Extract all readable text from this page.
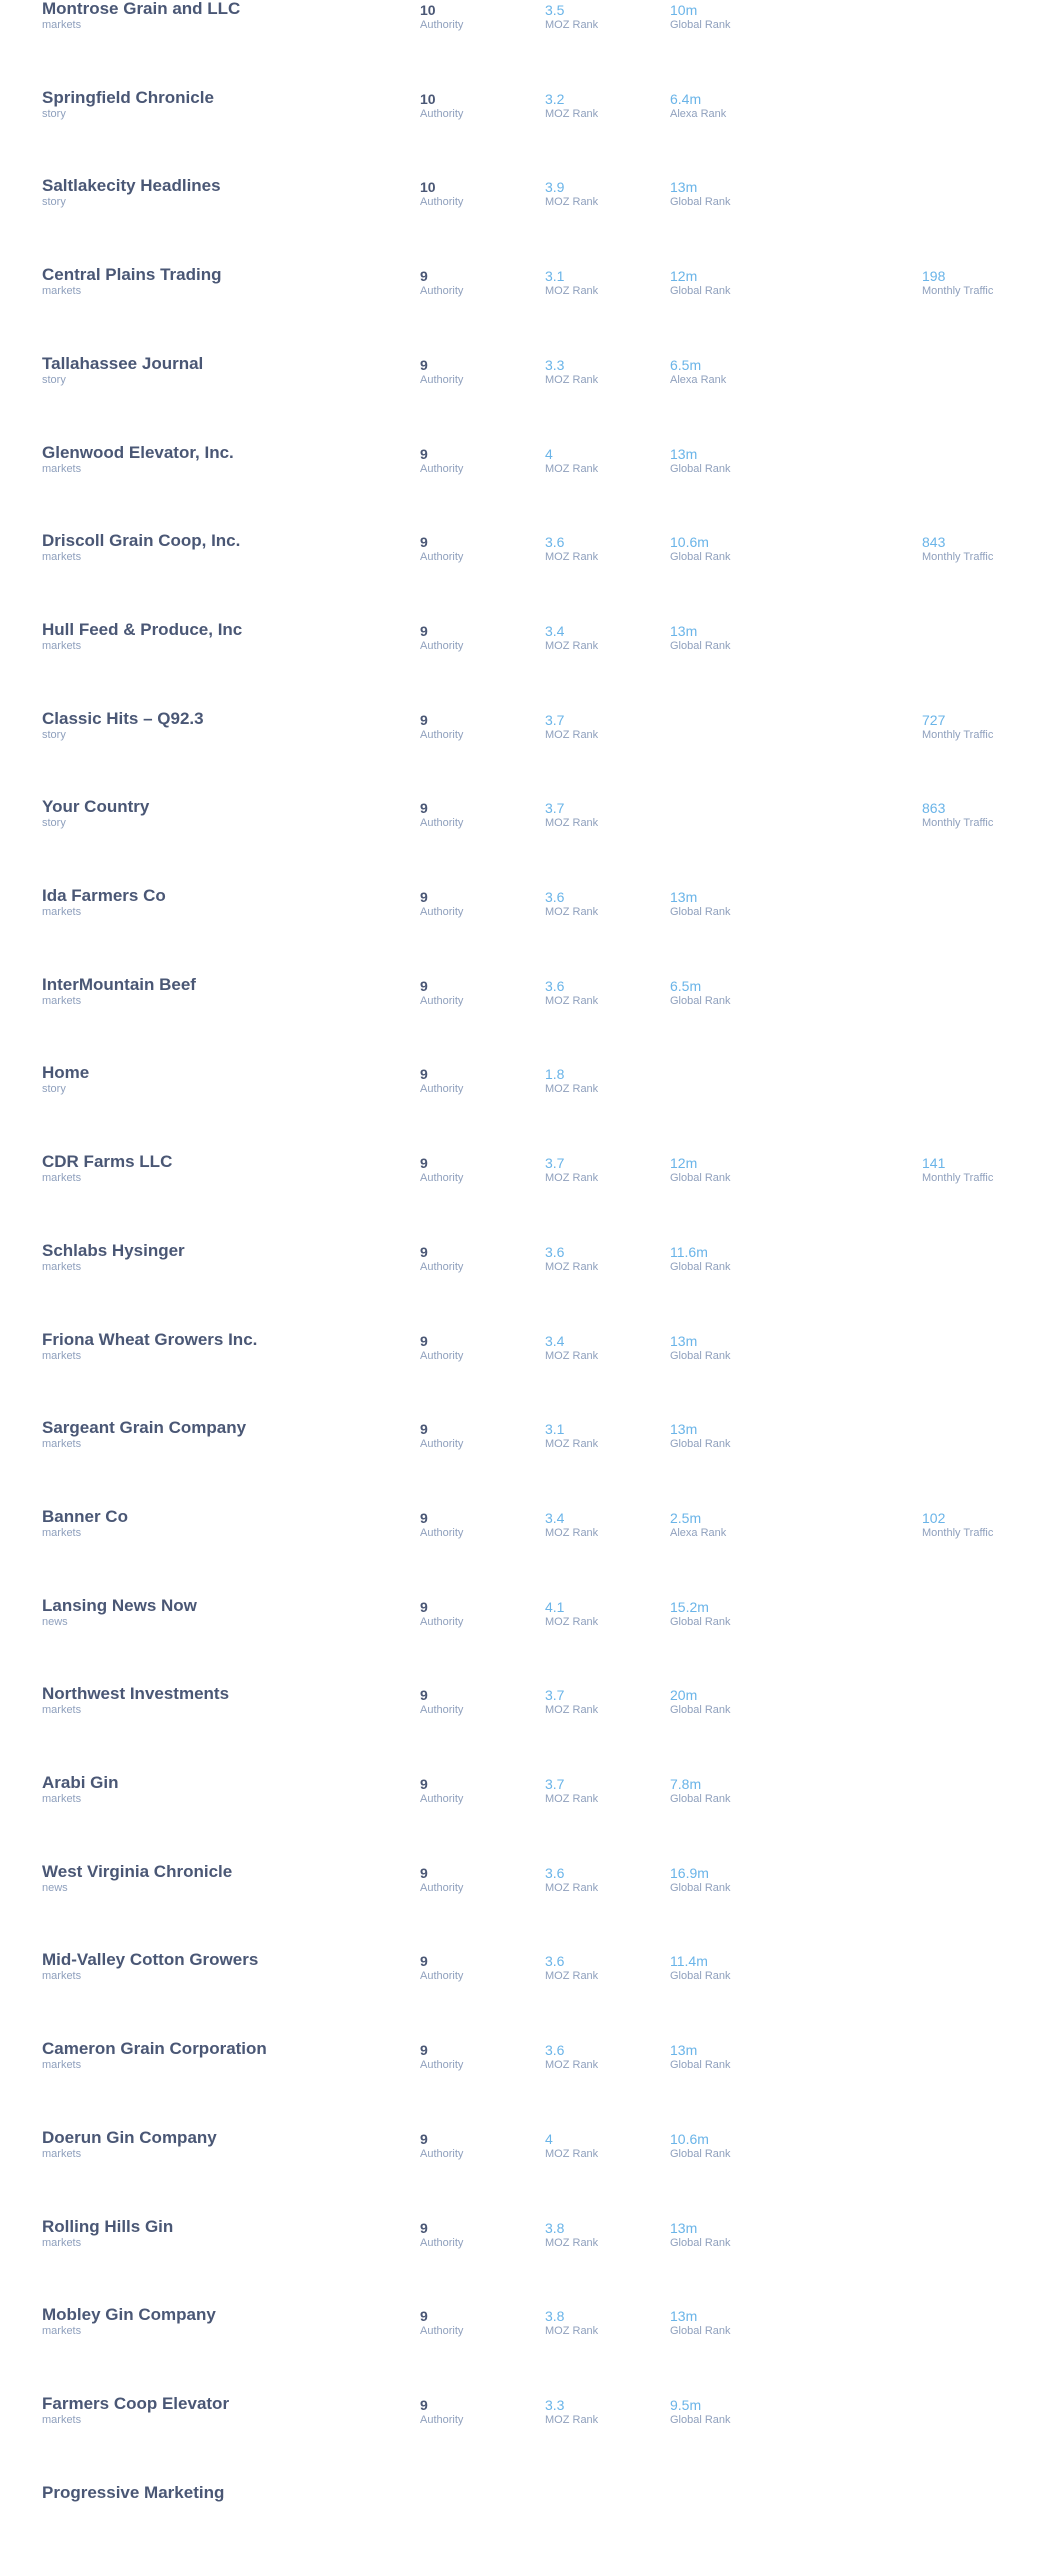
Montrose Grain and LLC
markets
10
Authority
3.5
MOZ Rank
10m
Global Rank
Springfield Chronicle
story
10
Authority
3.2
MOZ Rank
6.4m
Alexa Rank
Saltlakecity Headlines
story
10
Authority
3.9
MOZ Rank
13m
Global Rank
Central Plains Trading
markets
9
Authority
3.1
MOZ Rank
12m
Global Rank
198
Monthly Traffic
Tallahassee Journal
story
9
Authority
3.3
MOZ Rank
6.5m
Alexa Rank
Glenwood Elevator, Inc.
markets
9
Authority
4
MOZ Rank
13m
Global Rank
Driscoll Grain Coop, Inc.
markets
9
Authority
3.6
MOZ Rank
10.6m
Global Rank
843
Monthly Traffic
Hull Feed & Produce, Inc
markets
9
Authority
3.4
MOZ Rank
13m
Global Rank
Classic Hits – Q92.3
story
9
Authority
3.7
MOZ Rank
727
Monthly Traffic
Your Country
story
9
Authority
3.7
MOZ Rank
863
Monthly Traffic
Ida Farmers Co
markets
9
Authority
3.6
MOZ Rank
13m
Global Rank
InterMountain Beef
markets
9
Authority
3.6
MOZ Rank
6.5m
Global Rank
Home
story
9
Authority
1.8
MOZ Rank
CDR Farms LLC
markets
9
Authority
3.7
MOZ Rank
12m
Global Rank
141
Monthly Traffic
Schlabs Hysinger
markets
9
Authority
3.6
MOZ Rank
11.6m
Global Rank
Friona Wheat Growers Inc.
markets
9
Authority
3.4
MOZ Rank
13m
Global Rank
Sargeant Grain Company
markets
9
Authority
3.1
MOZ Rank
13m
Global Rank
Banner Co
markets
9
Authority
3.4
MOZ Rank
2.5m
Alexa Rank
102
Monthly Traffic
Lansing News Now
news
9
Authority
4.1
MOZ Rank
15.2m
Global Rank
Northwest Investments
markets
9
Authority
3.7
MOZ Rank
20m
Global Rank
Arabi Gin
markets
9
Authority
3.7
MOZ Rank
7.8m
Global Rank
West Virginia Chronicle
news
9
Authority
3.6
MOZ Rank
16.9m
Global Rank
Mid-Valley Cotton Growers
markets
9
Authority
3.6
MOZ Rank
11.4m
Global Rank
Cameron Grain Corporation
markets
9
Authority
3.6
MOZ Rank
13m
Global Rank
Doerun Gin Company
markets
9
Authority
4
MOZ Rank
10.6m
Global Rank
Rolling Hills Gin
markets
9
Authority
3.8
MOZ Rank
13m
Global Rank
Mobley Gin Company
markets
9
Authority
3.8
MOZ Rank
13m
Global Rank
Farmers Coop Elevator
markets
9
Authority
3.3
MOZ Rank
9.5m
Global Rank
Progressive Marketing
